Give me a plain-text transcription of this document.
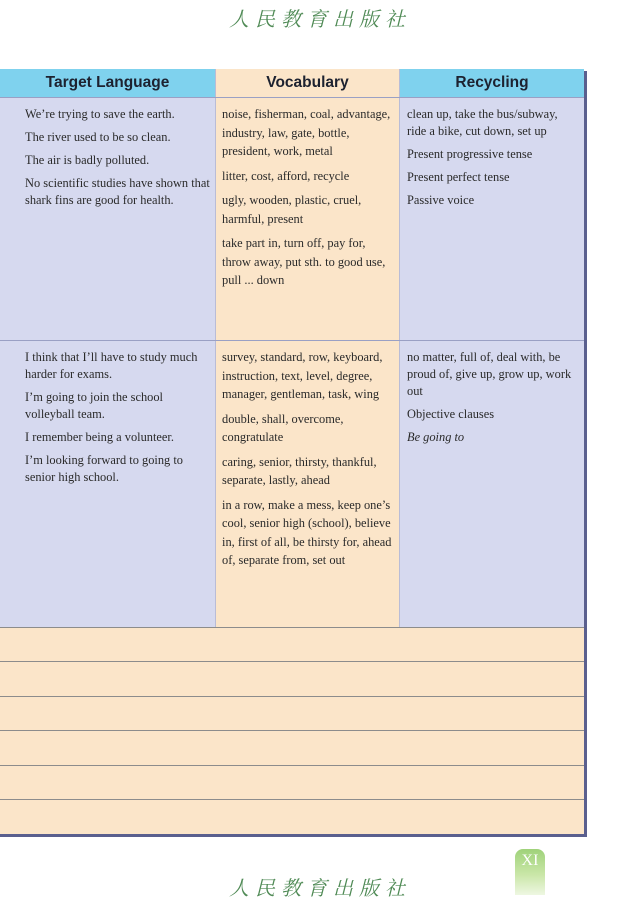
人民教育出版社
Target Language	Vocabulary	Recycling

We’re trying to save the earth.

The river used to be so clean.

The air is badly polluted.

No scientific studies have shown that shark fins are good for health.

noise, fisherman, coal, advantage, industry, law, gate, bottle, president, work, metal

litter, cost, afford, recycle

ugly, wooden, plastic, cruel, harmful, present

take part in, turn off, pay for, throw away, put sth. to good use, pull ... down

clean up, take the bus/subway, ride a bike, cut down, set up

Present progressive tense

Present perfect tense

Passive voice

I think that I’ll have to study much harder for exams.

I’m going to join the school volleyball team.

I remember being a volunteer.

I’m looking forward to going to senior high school.

survey, standard, row, keyboard, instruction, text, level, degree, manager, gentleman, task, wing

double, shall, overcome, congratulate

caring, senior, thirsty, thankful, separate, lastly, ahead

in a row, make a mess, keep one’s cool, senior high (school), believe in, first of all, be thirsty for, ahead of, separate from, set out

no matter, full of, deal with, be proud of, give up, grow up, work out

Objective clauses

Be going to

XI
人民教育出版社
